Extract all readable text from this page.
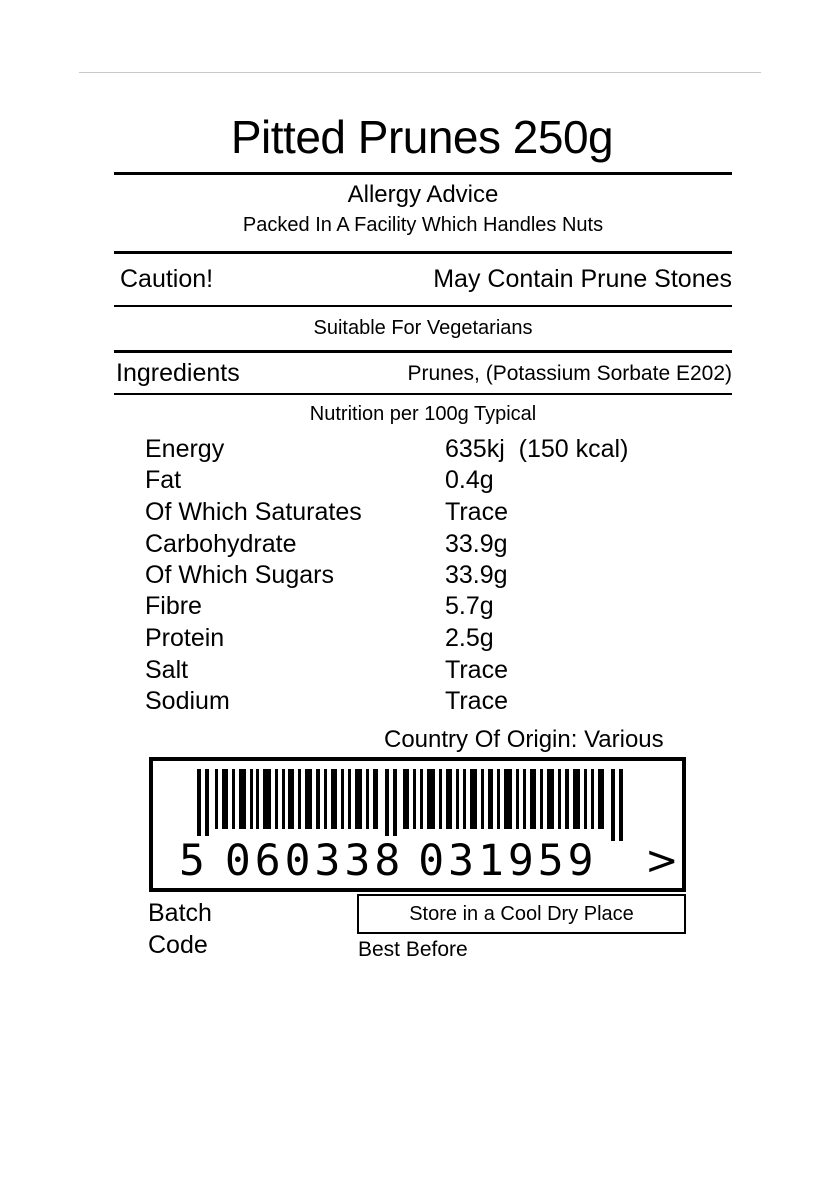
Pitted Prunes 250g
Allergy Advice
Packed In A Facility Which Handles Nuts
Caution!	May Contain Prune Stones
Suitable For Vegetarians
Ingredients	Prunes, (Potassium Sorbate E202)
Nutrition per 100g Typical
Energy	635kj  (150 kcal)
Fat	0.4g
Of Which Saturates	Trace
Carbohydrate	33.9g
Of Which Sugars	33.9g
Fibre	5.7g
Protein	2.5g
Salt	Trace
Sodium	Trace
Country Of Origin: Various
5 060338 031959 >
Batch
Code
Store in a Cool Dry Place
Best Before
